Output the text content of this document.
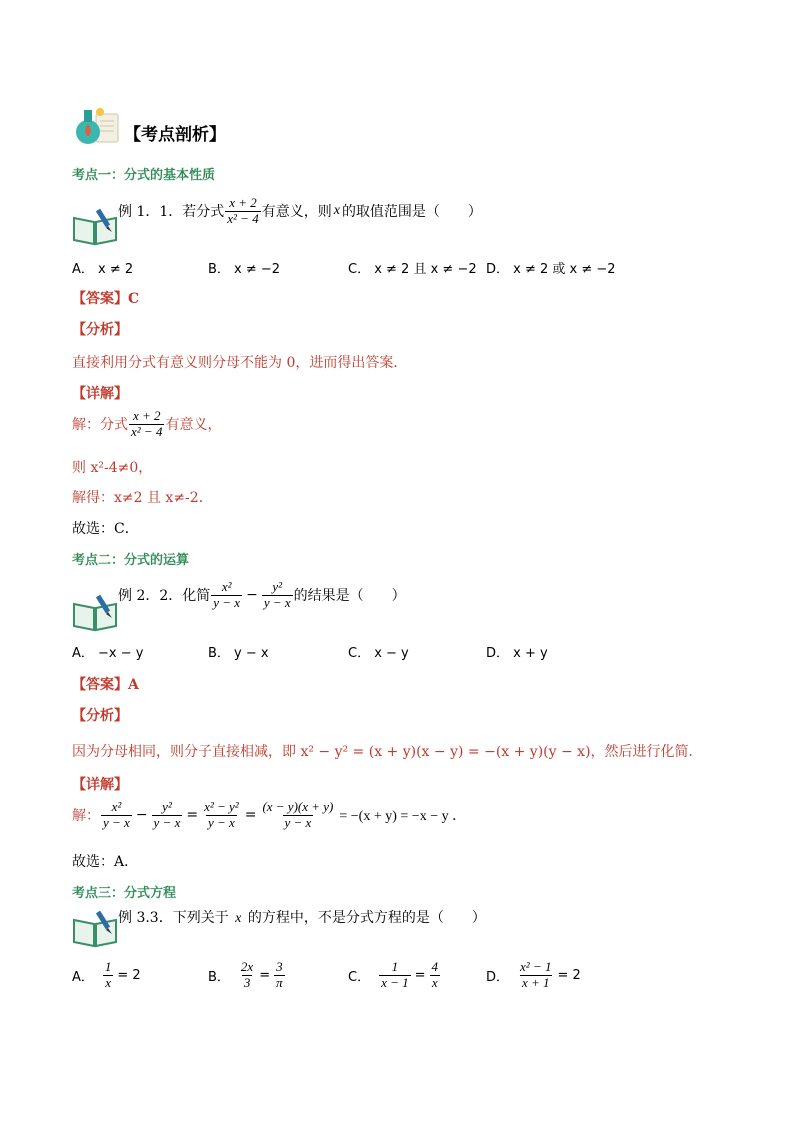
【考点剖析】
考点一：分式的基本性质
例 1．1．若分式 $\frac{x + 2}{\text{x² − 4}}$ 有意义，则 x 的取值范围是（　　）
A． x ≠ 2	B． x ≠ −2	C． x ≠ 2 且 x ≠ −2 D． x ≠ 2 或 x ≠ −2
【答案】C
【分析】
直接利用分式有意义则分母不能为 0，进而得出答案．
【详解】
解：分式 $\frac{x + 2}{\text{x² − 4}}$ 有意义，
则 x²-4≠0，
解得：x≠2 且 x≠-2．
故选：C．
考点二：分式的运算
例 2．2．化简 $\frac{\text{x²}}{y - x} - \frac{\text{y²}}{y - x}$ 的结果是（　　）
A． −x − y	B． y − x	C． x − y	D． x + y
【答案】A
【分析】
因为分母相同，则分子直接相减，即 x² − y² = (x + y)(x − y) = −(x + y)(y − x)，然后进行化简．
【详解】
解： $\frac{\text{x²}}{y - x} - \frac{\text{y²}}{y - x} = \frac{\text{x² − y²}}{y - x} = \frac{(x - y)(x + y)}{y - x} = -(x + y) = -x - y$ ．
故选：A．
考点三：分式方程
例 3.3．下列关于 x 的方程中，不是分式方程的是（　　）
A． $\frac{1}{x} = 2$	B． $\frac{2x}{3} = \frac{3}{\pi}$	C． $\frac{1}{x - 1} = \frac{4}{x}$	D． $\frac{\text{x² − 1}}{x + 1} = 2$
